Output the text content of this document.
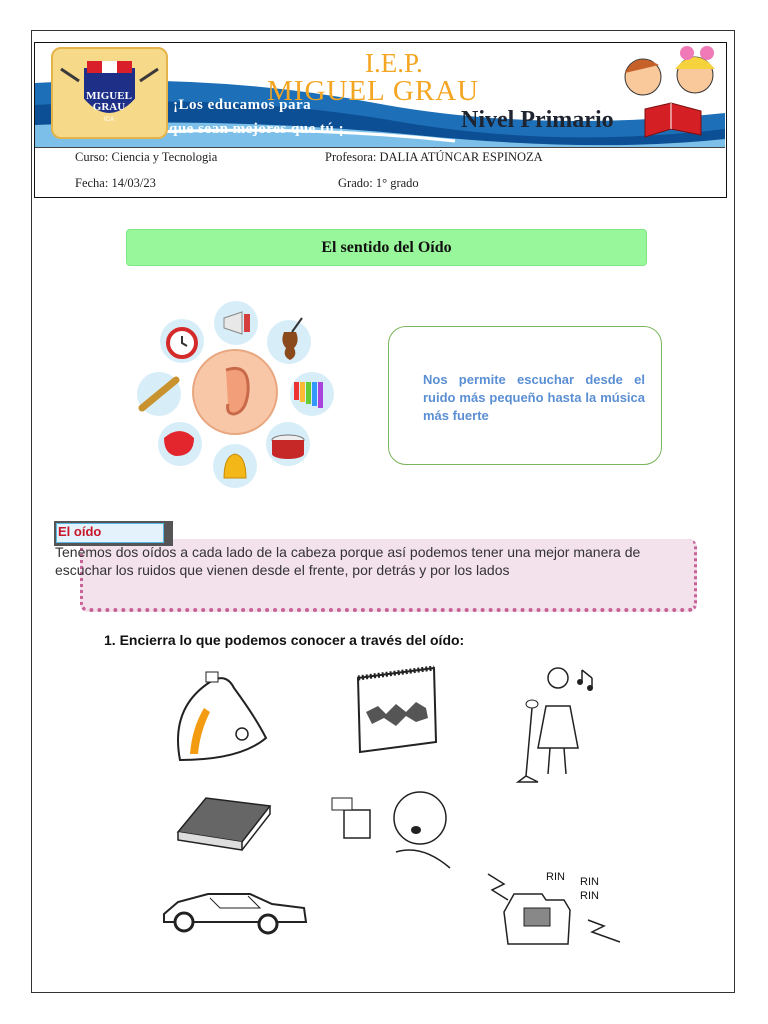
MIGUEL
GRAU
ICA
I.E.P.
MIGUEL GRAU
¡Los educamos para
que sean mejores que tú ¡	Nivel Primario
Curso: Ciencia y Tecnologia	Profesora: DALIA ATÚNCAR ESPINOZA
Fecha: 14/03/23	Grado: 1° grado
El sentido del Oído
Nos permite escuchar desde el ruido más pequeño hasta la música más fuerte
El oído
Tenemos dos oídos a cada lado de la cabeza porque así podemos tener una mejor manera de escuchar los ruidos que vienen desde el frente, por detrás y por los lados
1. Encierra lo que podemos conocer a través del oído:
RIN RIN
RIN
